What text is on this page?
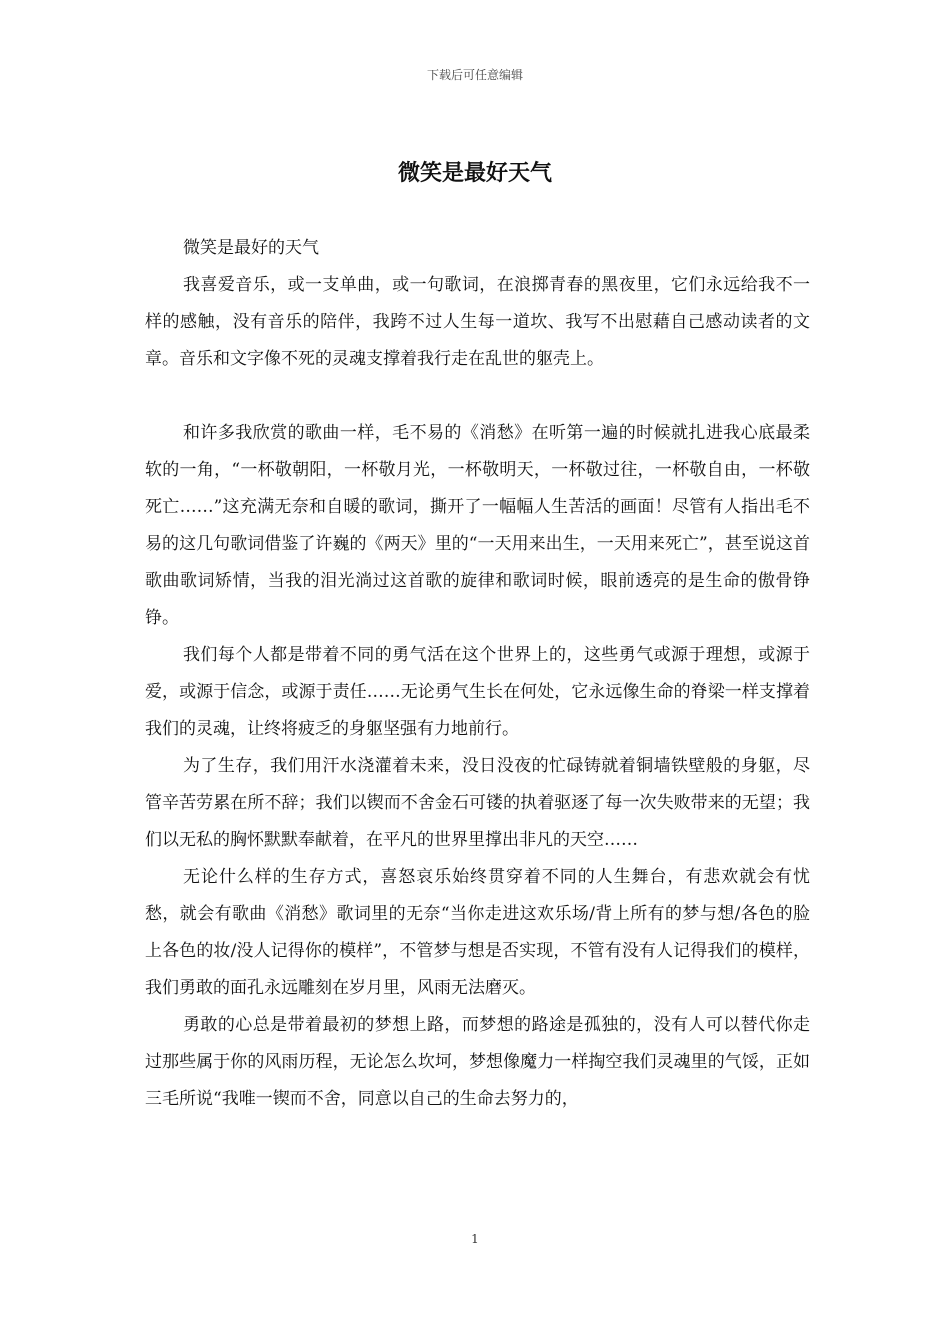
下载后可任意编辑
微笑是最好天气

微笑是最好的天气

我喜爱音乐，或一支单曲，或一句歌词，在浪掷青春的黑夜里，它们永远给我不一样的感触，没有音乐的陪伴，我跨不过人生每一道坎、我写不出慰藉自己感动读者的文章。音乐和文字像不死的灵魂支撑着我行走在乱世的躯壳上。

和许多我欣赏的歌曲一样，毛不易的《消愁》在听第一遍的时候就扎进我心底最柔软的一角，“一杯敬朝阳，一杯敬月光，一杯敬明天，一杯敬过往，一杯敬自由，一杯敬死亡……”这充满无奈和自暖的歌词，撕开了一幅幅人生苦活的画面！尽管有人指出毛不易的这几句歌词借鉴了许巍的《两天》里的“一天用来出生，一天用来死亡”，甚至说这首歌曲歌词矫情，当我的泪光淌过这首歌的旋律和歌词时候，眼前透亮的是生命的傲骨铮铮。

我们每个人都是带着不同的勇气活在这个世界上的，这些勇气或源于理想，或源于爱，或源于信念，或源于责任……无论勇气生长在何处，它永远像生命的脊梁一样支撑着我们的灵魂，让终将疲乏的身躯坚强有力地前行。

为了生存，我们用汗水浇灌着未来，没日没夜的忙碌铸就着铜墙铁壁般的身躯，尽管辛苦劳累在所不辞；我们以锲而不舍金石可镂的执着驱逐了每一次失败带来的无望；我们以无私的胸怀默默奉献着，在平凡的世界里撑出非凡的天空……

无论什么样的生存方式，喜怒哀乐始终贯穿着不同的人生舞台，有悲欢就会有忧愁，就会有歌曲《消愁》歌词里的无奈“当你走进这欢乐场/背上所有的梦与想/各色的脸上各色的妆/没人记得你的模样”，不管梦与想是否实现，不管有没有人记得我们的模样，我们勇敢的面孔永远雕刻在岁月里，风雨无法磨灭。

勇敢的心总是带着最初的梦想上路，而梦想的路途是孤独的，没有人可以替代你走过那些属于你的风雨历程，无论怎么坎坷，梦想像魔力一样掏空我们灵魂里的气馁，正如三毛所说“我唯一锲而不舍，同意以自己的生命去努力的，

1
